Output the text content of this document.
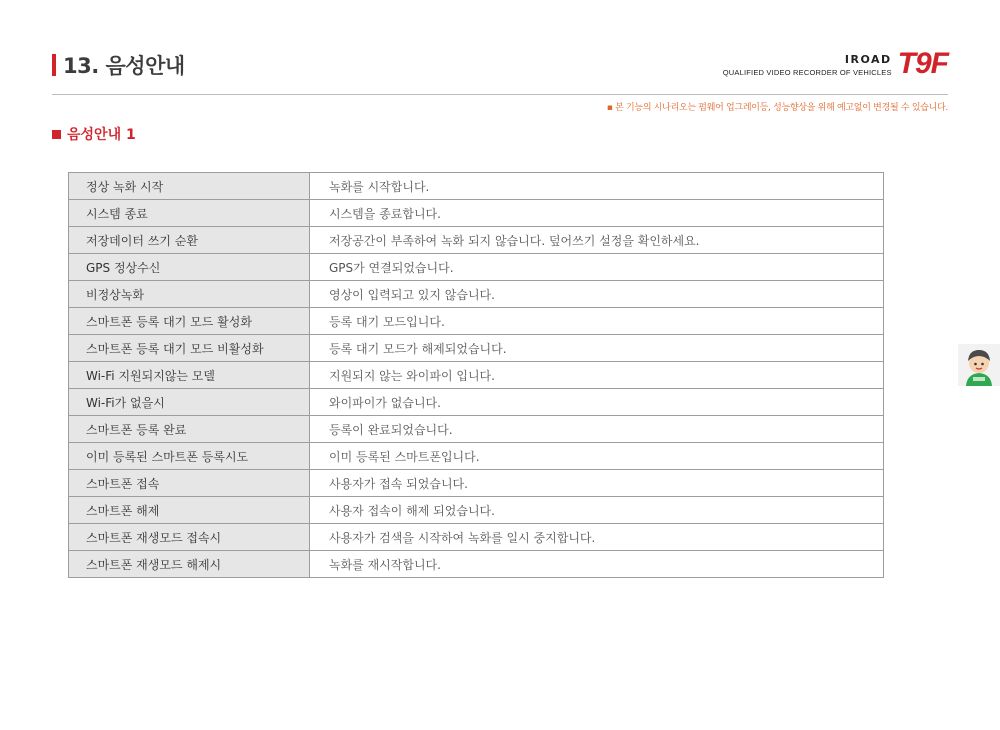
13. 음성안내	IROAD
QUALIFIED VIDEO RECORDER OF VEHICLES T9F
▪ 본 기능의 시나리오는 펌웨어 업그레이등, 성능향상을 위해 예고없이 변경될 수 있습니다.
음성안내 1
정상 녹화 시작	녹화를 시작합니다.
시스템 종료	시스템을 종료합니다.
저장데이터 쓰기 순환	저장공간이 부족하여 녹화 되지 않습니다. 덮어쓰기 설정을 확인하세요.
GPS 정상수신	GPS가 연결되었습니다.
비정상녹화	영상이 입력되고 있지 않습니다.
스마트폰 등록 대기 모드 활성화	등록 대기 모드입니다.
스마트폰 등록 대기 모드 비활성화	등록 대기 모드가 해제되었습니다.
Wi-Fi 지원되지않는 모델	지원되지 않는 와이파이 입니다.
Wi-Fi가 없을시	와이파이가 없습니다.
스마트폰 등록 완료	등록이 완료되었습니다.
이미 등록된 스마트폰 등록시도	이미 등록된 스마트폰입니다.
스마트폰 접속	사용자가 접속 되었습니다.
스마트폰 해제	사용자 접속이 해제 되었습니다.
스마트폰 재생모드 접속시	사용자가 검색을 시작하여 녹화를 일시 중지합니다.
스마트폰 재생모드 해제시	녹화를 재시작합니다.
